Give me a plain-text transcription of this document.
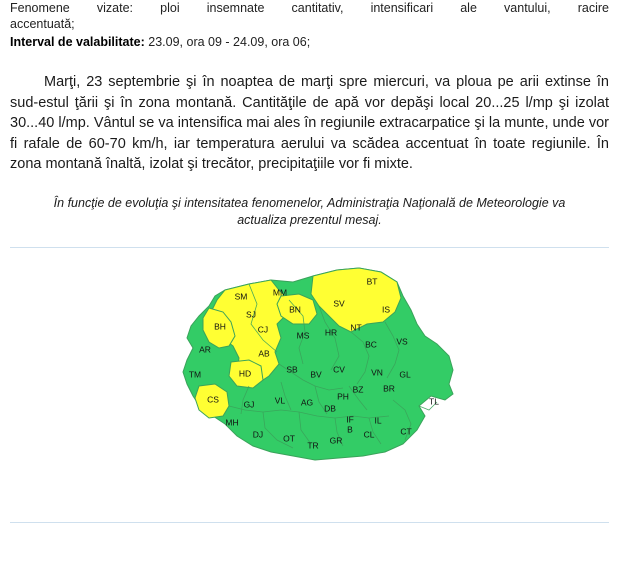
Fenomene vizate: ploi insemnate cantitativ, intensificari ale vantului, racire
accentuată;

Interval de valabilitate: 23.09, ora 09 - 24.09, ora 06;

Marţi, 23 septembrie şi în noaptea de marţi spre miercuri, va ploua pe arii extinse în sud-estul ţării şi în zona montană. Cantităţile de apă vor depăşi local 20...25 l/mp şi izolat 30...40 l/mp. Vântul se va intensifica mai ales în regiunile extracarpatice şi la munte, unde vor fi rafale de 60-70 km/h, iar temperatura aerului va scădea accentuat în toate regiunile. În zona montană înaltă, izolat şi trecător, precipitaţiile vor fi mixte.

În funcţie de evoluţia şi intensitatea fenomenelor, Administraţia Naţională de Meteorologie va actualiza prezentul mesaj.

SM	MM
BT
SV
IS
SJ	BN
NT
CJ
BH
MS HR
BC VS
AR	AB
SB	CV	VN GL
TM	HD	BV
BZ BR
CS	GJ VL AG
DB
PH	TL
MH	IF
B
IL
CL	CT
DJ OT
TR GR
